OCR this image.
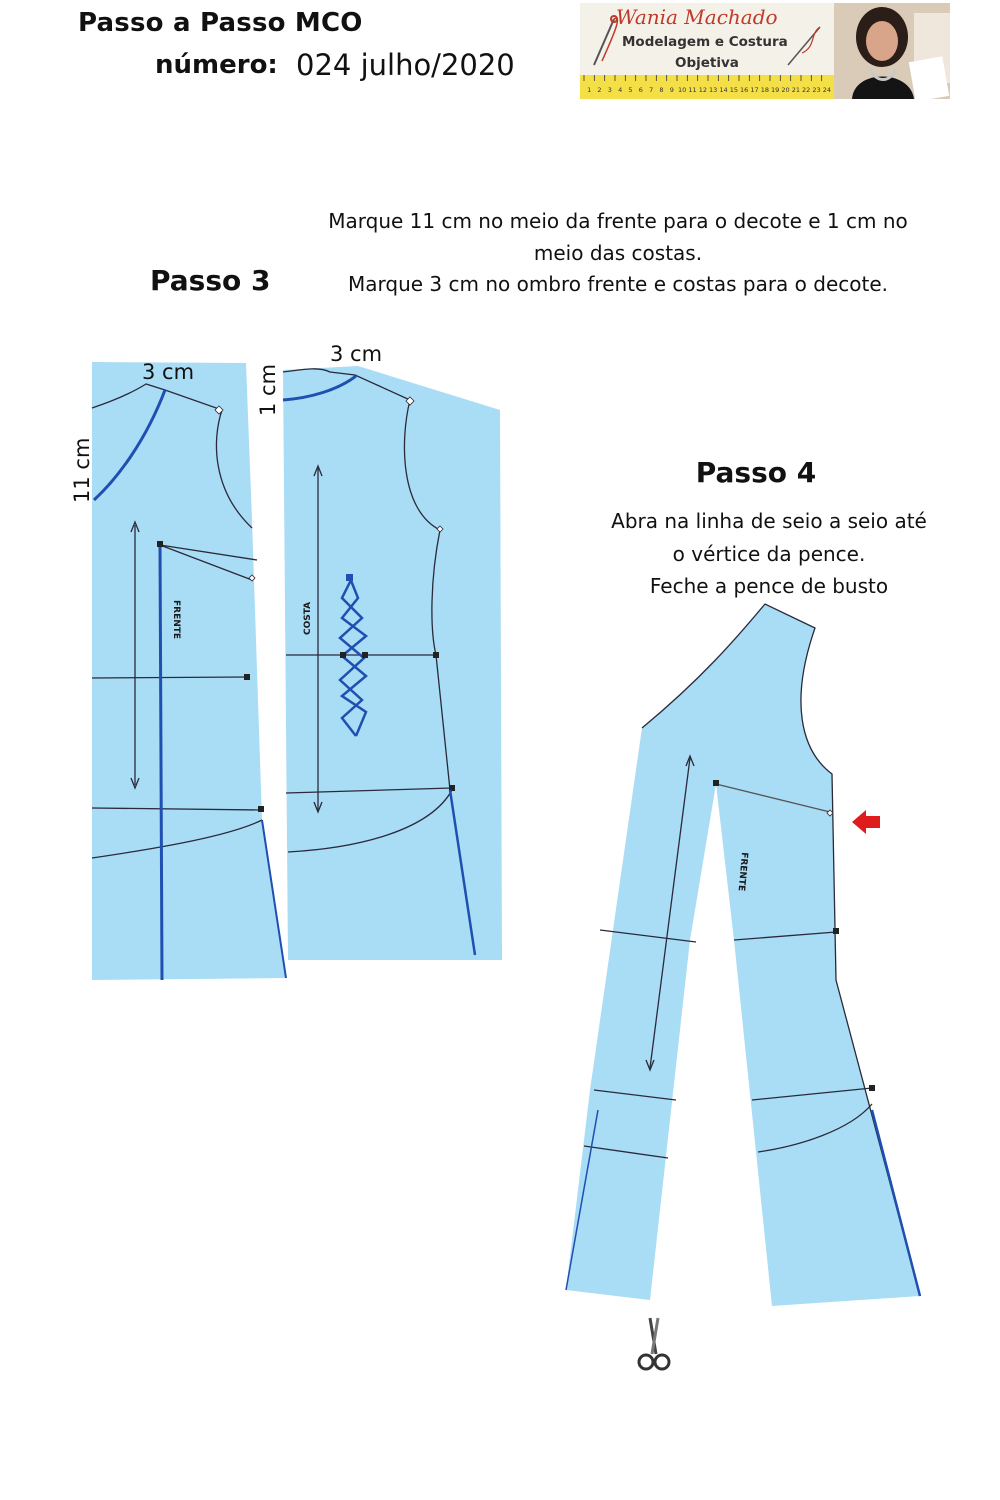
Passo a Passo MCO
número: 024 julho/2020
Wania Machado
Modelagem e Costura
Objetiva
1 2 3 4 5 6 7 8 9 10 11 12 13 14 15 16 17 18 19 20 21 22 23 24
Passo 3
Marque 11 cm no meio da frente para o decote e 1 cm no
meio das costas.
Marque 3 cm no ombro frente e costas para o decote.
Passo 4
Abra na linha de seio a seio até
o vértice da pence.
Feche a pence de busto
FRENTE	COSTA
FRENTE
3 cm
11 cm
1 cm
3 cm
